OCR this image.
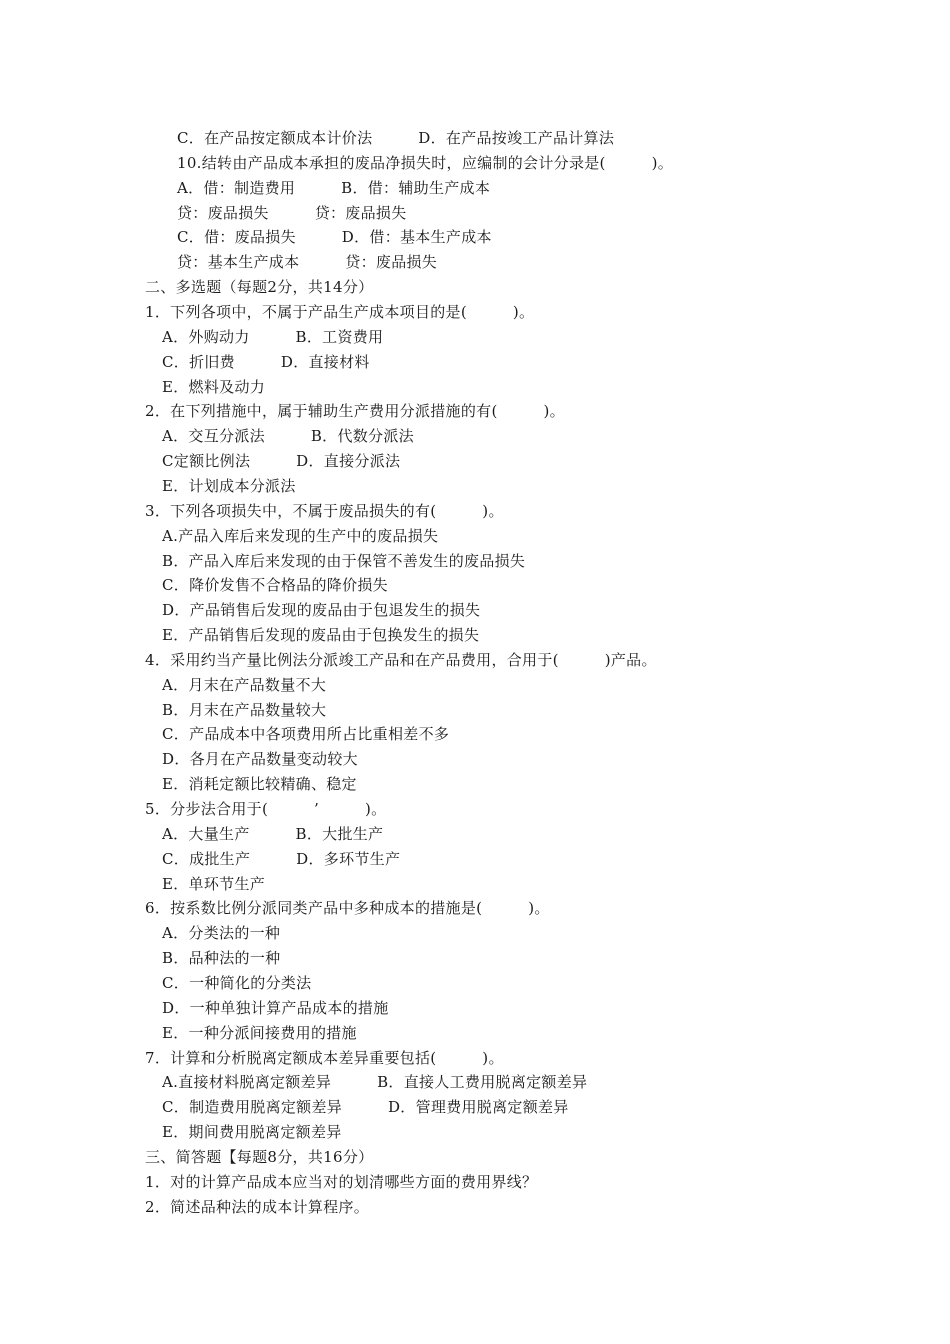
C．在产品按定额成本计价法　　　D．在产品按竣工产品计算法
10.结转由产品成本承担的废品净损失时，应编制的会计分录是(　　　)。
A．借：制造费用　　　B．借：辅助生产成本
贷：废品损失　　　贷：废品损失
C．借：废品损失　　　D．借：基本生产成本
贷：基本生产成本　　　贷：废品损失
二、多选题（每题2分，共14分）
1．下列各项中，不属于产品生产成本项目的是(　　　)。
A．外购动力　　　B．工资费用
C．折旧费　　　D．直接材料
E．燃料及动力
2．在下列措施中，属于辅助生产费用分派措施的有(　　　)。
A．交互分派法　　　B．代数分派法
C定额比例法　　　D．直接分派法
E．计划成本分派法
3．下列各项损失中，不属于废品损失的有(　　　)。
A.产品入库后来发现的生产中的废品损失
B．产品入库后来发现的由于保管不善发生的废品损失
C．降价发售不合格品的降价损失
D．产品销售后发现的废品由于包退发生的损失
E．产品销售后发现的废品由于包换发生的损失
4．采用约当产量比例法分派竣工产品和在产品费用，合用于(　　　)产品。
A．月末在产品数量不大
B．月末在产品数量较大
C．产品成本中各项费用所占比重相差不多
D．各月在产品数量变动较大
E．消耗定额比较精确、稳定
5．分步法合用于(　　　’　　　)。
A．大量生产　　　B．大批生产
C．成批生产　　　D．多环节生产
E．单环节生产
6．按系数比例分派同类产品中多种成本的措施是(　　　)。
A．分类法的一种
B．品种法的一种
C．一种简化的分类法
D．一种单独计算产品成本的措施
E．一种分派间接费用的措施
7．计算和分析脱离定额成本差异重要包括(　　　)。
A.直接材料脱离定额差异　　　B．直接人工费用脱离定额差异
C．制造费用脱离定额差异　　　D．管理费用脱离定额差异
E．期间费用脱离定额差异
三、简答题【每题8分，共16分）
1．对的计算产品成本应当对的划清哪些方面的费用界线？
2．简述品种法的成本计算程序。
